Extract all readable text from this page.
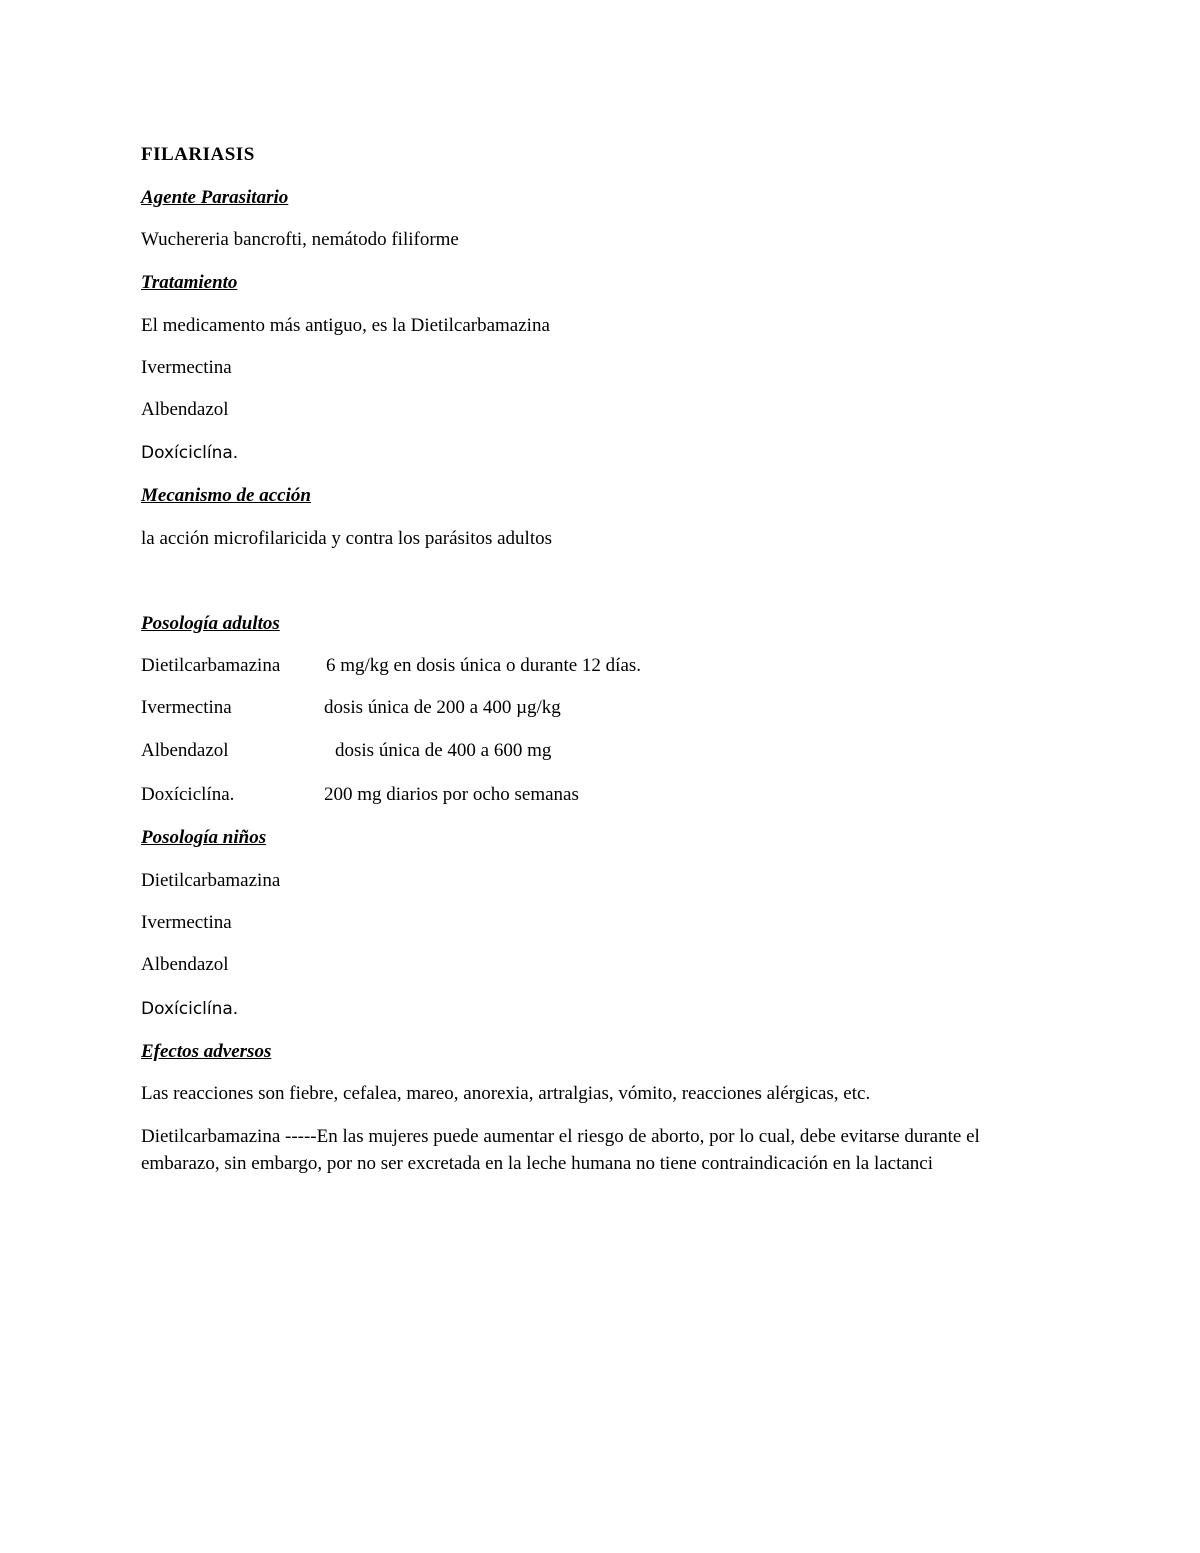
FILARIASIS
Agente Parasitario
Wuchereria bancrofti, nemátodo filiforme
Tratamiento
El medicamento más antiguo, es la Dietilcarbamazina
Ivermectina
Albendazol
Doxíciclína.
Mecanismo de acción
la acción microfilaricida y contra los parásitos adultos
Posología adultos
Dietilcarbamazina 6 mg/kg en dosis única o durante 12 días.
Ivermectina	dosis única de 200 a 400 µg/kg
Albendazol	dosis única de 400 a 600 mg
Doxíciclína.	200 mg diarios por ocho semanas
Posología niños
Dietilcarbamazina
Ivermectina
Albendazol
Doxíciclína.
Efectos adversos
Las reacciones son fiebre, cefalea, mareo, anorexia, artralgias, vómito, reacciones alérgicas, etc.
Dietilcarbamazina -----En las mujeres puede aumentar el riesgo de aborto, por lo cual, debe evitarse durante el embarazo, sin embargo, por no ser excretada en la leche humana no tiene contraindicación en la lactanci
